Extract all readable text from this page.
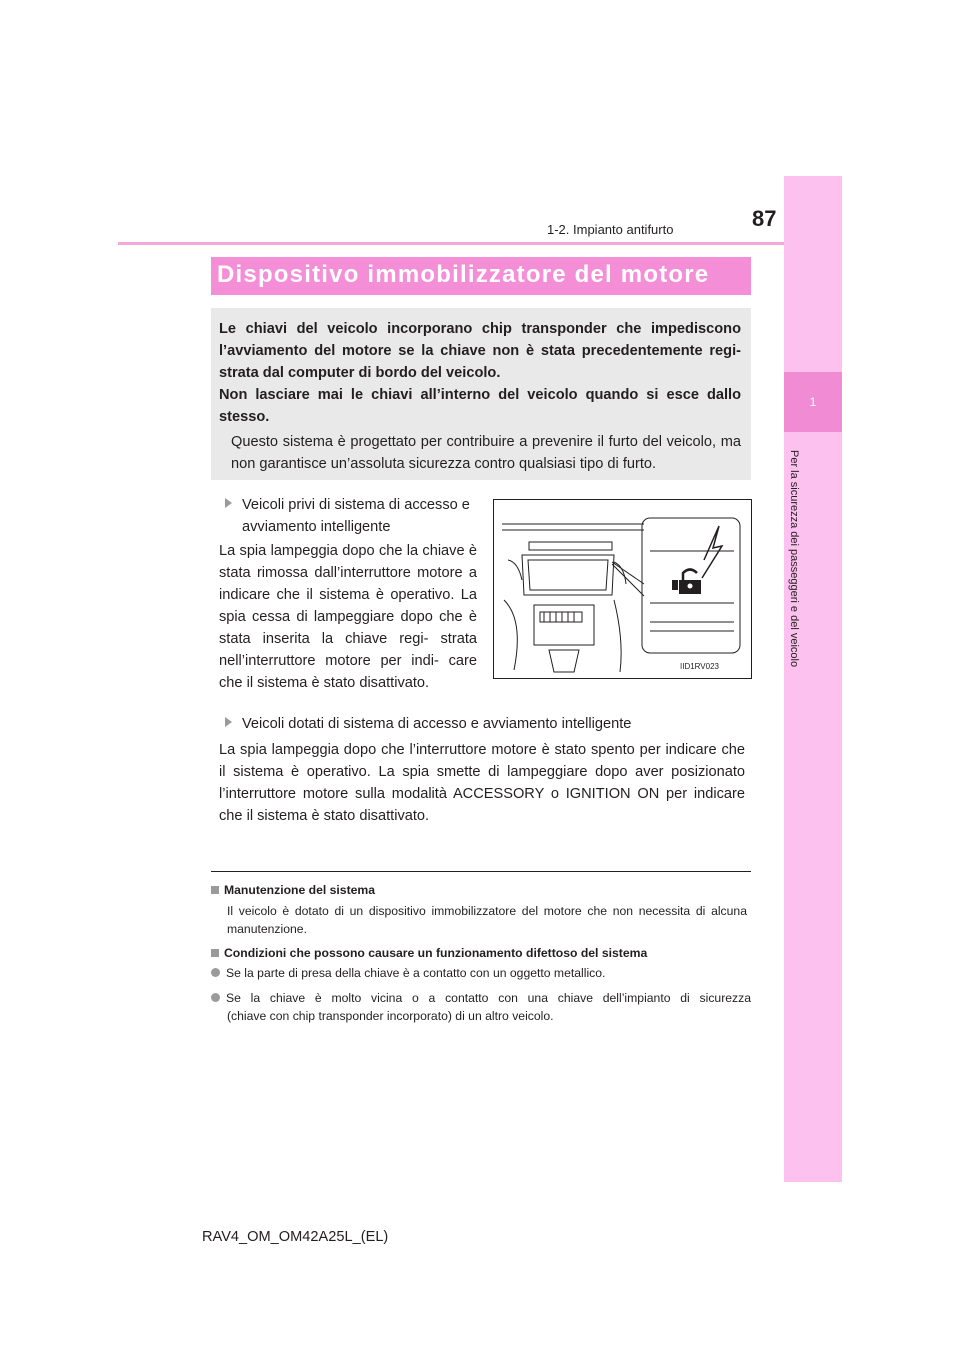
1-2. Impianto antifurto	87
1
Per la sicurezza dei passeggeri e del veicolo
Dispositivo immobilizzatore del motore
Le chiavi del veicolo incorporano chip transponder che impediscono l’avviamento del motore se la chiave non è stata precedentemente regi- strata dal computer di bordo del veicolo.
Non lasciare mai le chiavi all’interno del veicolo quando si esce dallo stesso.
Questo sistema è progettato per contribuire a prevenire il furto del veicolo, ma non garantisce un’assoluta sicurezza contro qualsiasi tipo di furto.
Veicoli privi di sistema di accesso e
avviamento intelligente
La spia lampeggia dopo che la chiave è stata rimossa dall’interruttore motore a indicare che il sistema è operativo. La spia cessa di lampeggiare dopo che è stata inserita la chiave regi- strata nell’interruttore motore per indi- care che il sistema è stato disattivato.
IID1RV023
Veicoli dotati di sistema di accesso e avviamento intelligente
La spia lampeggia dopo che l’interruttore motore è stato spento per indicare che il sistema è operativo. La spia smette di lampeggiare dopo aver posizionato l’interruttore motore sulla modalità ACCESSORY o IGNITION ON per indicare che il sistema è stato disattivato.
Manutenzione del sistema
Il veicolo è dotato di un dispositivo immobilizzatore del motore che non necessita di alcuna manutenzione.
Condizioni che possono causare un funzionamento difettoso del sistema
Se la parte di presa della chiave è a contatto con un oggetto metallico.
Se la chiave è molto vicina o a contatto con una chiave dell’impianto di sicurezza
(chiave con chip transponder incorporato) di un altro veicolo.
RAV4_OM_OM42A25L_(EL)
